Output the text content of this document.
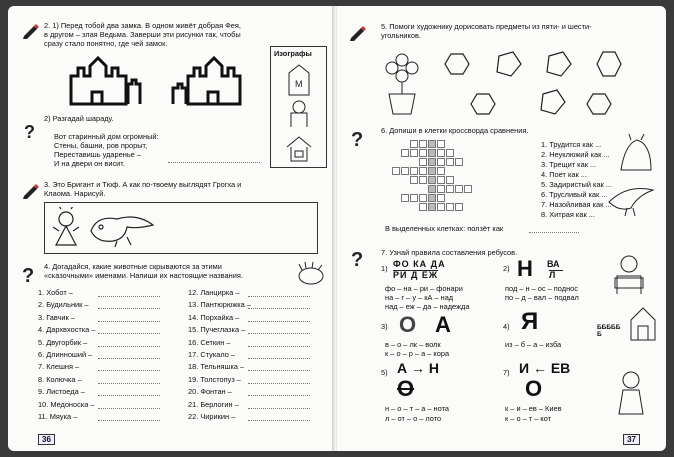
2. 1) Перед тобой два замка. В одном живёт добрая Фея,
в другом – злая Ведьма. Заверши эти рисунки так, чтобы
сразу стало понятно, где чей замок.
Изографы
М
?
2) Разгадай шараду.
Вот старинный дом огромный:
Стены, башни, ров прорыт,
Переставишь ударенье –
И на двери он висит.
3. Это Бригант и Тюф. А как по-твоему выглядят Грогха и
Клаома. Нарисуй.
? 4. Догадайся, какие животные скрываются за этими
«сказочными» именами. Напиши их настоящие названия.
1. Хобот –
2. Будильник –
3. Гавчик –
4. Дархвхостка –
5. Двугорбик –
6. Длинноший –
7. Клешня –
8. Колючка –
9. Листоеда –
10. Медоноска –
11. Мяука –
12. Ланцирка –
13. Пантюрюжка –
14. Порхайка –
15. Пучеглазка –
16. Сеткин –
17. Стукало –
18. Тельняшка –
19. Толстопуз –
20. Фонтан –
21. Берлогин –
22. Чирикин –
36
5. Помоги художнику дорисовать предметы из пяти- и шести-
угольников.
? 6. Допиши в клетки кроссворда сравнения.
1. Трудится как ...
2. Неуклюжий как ...
3. Трещит как ...
4. Поет как ...
5. Задиристый как ...
6. Трусливый как ...
7. Назойливая как ...
8. Хитрая как ...
В выделенных клетках: ползёт как
? 7. Узнай правила составления ребусов.
1) ФО КА ДА
РИ Д ЕЖ
фо – на – ри – фонари
на – г – у – кА – над
над – еж – да – надежда
2) Н ВА
Л
под – н – ос – поднос
по – д – вал – подвал
3) О А
в – о – лк – волк
к – о – р – а – кора
4) Я	ББББББ
из – б – а – изба
5) А → Н
О
н – о – т – а – нота
л – от – о – лото
7) И ← ЕВ
О
к – и – ев – Киев
к – о – т – кот
37
